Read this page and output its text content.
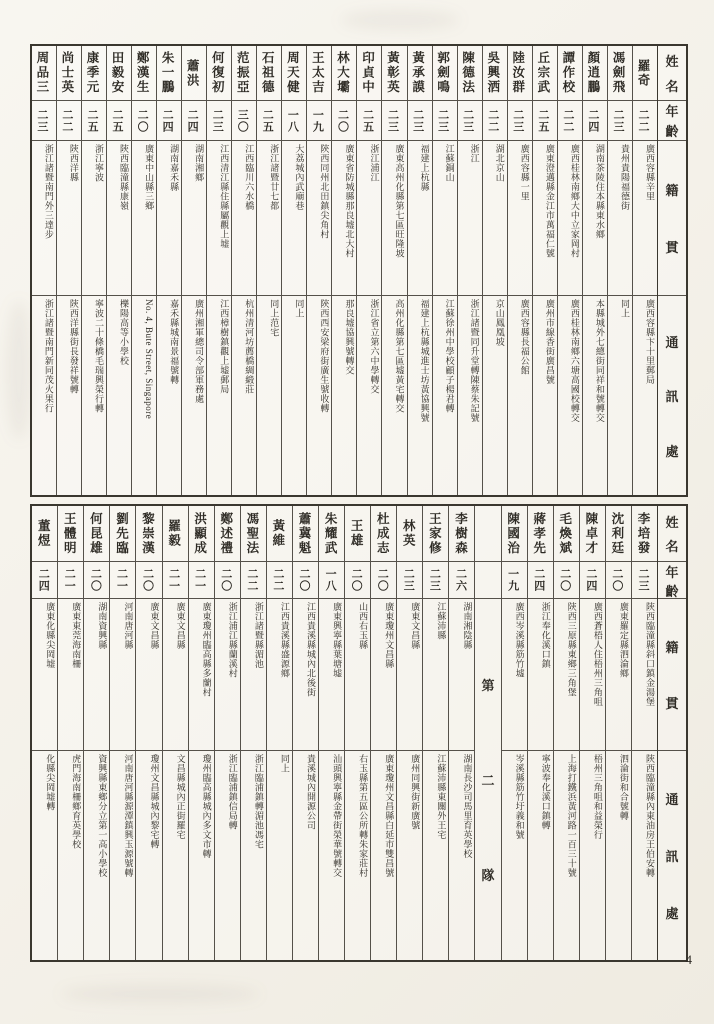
姓
名
年
齡
籍
貫
通
訊
處
羅奇
二二
廣西容縣辛里
廣西容縣卞十里郵局
馮劍飛
二三
貴州貴陽福德街
同上
顏逍鵬
二四
湖南茶陵住本縣東水鄉
本縣城外七總街同祥和號轉交
譚作校
二二
廣西桂林南鄉大中立家岡村
廣西桂林南鄉六塘高國校轉交
丘宗武
二五
廣東澄邁縣金江市萬福仁號
廣州市線香街廣昌號
陸汝群
二三
廣西容縣一里
廣西容縣長福公館
吳興洒
二二
湖北京山
京山鳳凰坡
陳德法
二三
浙江
浙江諸暨同升堂轉陳蔡朱記號
郭劍鳴
二三
江蘇銅山
江蘇徐州中學校顧子楊君轉
黃承謨
二三
福建上杭縣
福建上杭縣城進士坊黃協興號
黃彰英
二三
廣東高州化縣第七區旺隆坡
高州化縣第七區墟黃宅轉交
印貞中
二五
浙江浦江
浙江省立第六中學轉交
林大壩
二〇
廣東省防城縣那良墟北大村
那良墟協興號轉交
王太吉
一九
陝西同州北田鎮尖角村
陝西西安梁府街廣生號收轉
周天健
一八
大荔城內武廟巷
同上
石祖德
二五
浙江諸暨廿七都
同上范宅
范振亞
三〇
江西臨川六水橋
杭州清河坊薦橋綢緞莊
何復初
二三
江西清江縣住縣屬觀上墟
江西樟樹鎮觀上墟郵局
蕭洪
二四
湖南湘鄉
廣州湘軍總司令部軍務處
朱一鵬
二四
湖南嘉禾縣
嘉禾縣城南景福號轉
鄭漢生
二〇
廣東中山縣三鄉
No. 4, Bute Street, Singapore
田毅安
二五
陝西臨潼縣康嶺
櫟陽高等小學校
康季元
二五
浙江寧波
寧波二十條橋毛瑞興榮行轉
尚士英
二二
陝西洋縣
陝西洋縣街長發祥號轉
周品三
二三
浙江諸暨南門外三達步
浙江諸暨南門新同茂火果行
姓
名
年
齡
籍
貫
通
訊
處
李培發
二三
陝西臨潼縣斜口鎮金湯堡
陝西臨潼縣內東油房王伯安轉
沈利廷
二〇
廣東羅定縣泗淪鄉
泗淪街和合號轉
陳卓才
二四
廣西蒼梧人住梧州三角咀
梧州三角咀和益榮行
毛煥斌
二〇
陝西三原縣東鄉三角堡
上海打鐵浜黃河路一百三十號
蔣孝先
二四
浙江奉化溪口鎮
寧波奉化溪口鎮轉
陳國治
一九
廣西岑溪縣筋竹墟
岑溪縣筋竹圩義和號
第
二
隊
李樹森
二六
湖南湘陰縣
湖南長沙司馬里育英學校
王家修
二三
江蘇沛縣
江蘇沛縣東關外王宅
林英
二三
廣東文昌縣
廣州同興街新廣號
杜成志
二〇
廣東瓊州文昌縣
廣東瓊州文昌縣白延市雙昌號
王雄
二〇
山西右玉縣
右玉縣第五區公所轉朱家莊村
朱耀武
一八
廣東興寧縣葉塘墟
汕頭興寧縣金帶街榮華號轉交
蕭冀魁
二〇
江西貴溪縣城內北後街
貴溪城內開源公司
黃維
二二
江西貴溪縣盛源鄉
同上
馮聖法
二二
浙江諸暨縣湄池
浙江臨浦鎮轉湄池馮宅
鄭述禮
二〇
浙江浦江縣蘭溪村
浙江臨浦鎮信局轉
洪顯成
二一
廣東瓊州臨高縣多蘭村
瓊州臨高縣城內多文市轉
羅毅
二一
廣東文昌縣
文昌縣城內正街羅宅
黎崇漢
二〇
廣東文昌縣
瓊州文昌縣城內黎宅轉
劉先臨
二一
河南唐河縣
河南唐河縣源潭鎮興玉源號轉
何昆雄
二〇
湖南資興縣
資興縣東鄉分立第一高小學校
王體明
二一
廣東東莞海南柵
虎門海南柵鄉育英學校
董煜
二四
廣東化縣尖岡墟
化縣尖岡墟轉
4
